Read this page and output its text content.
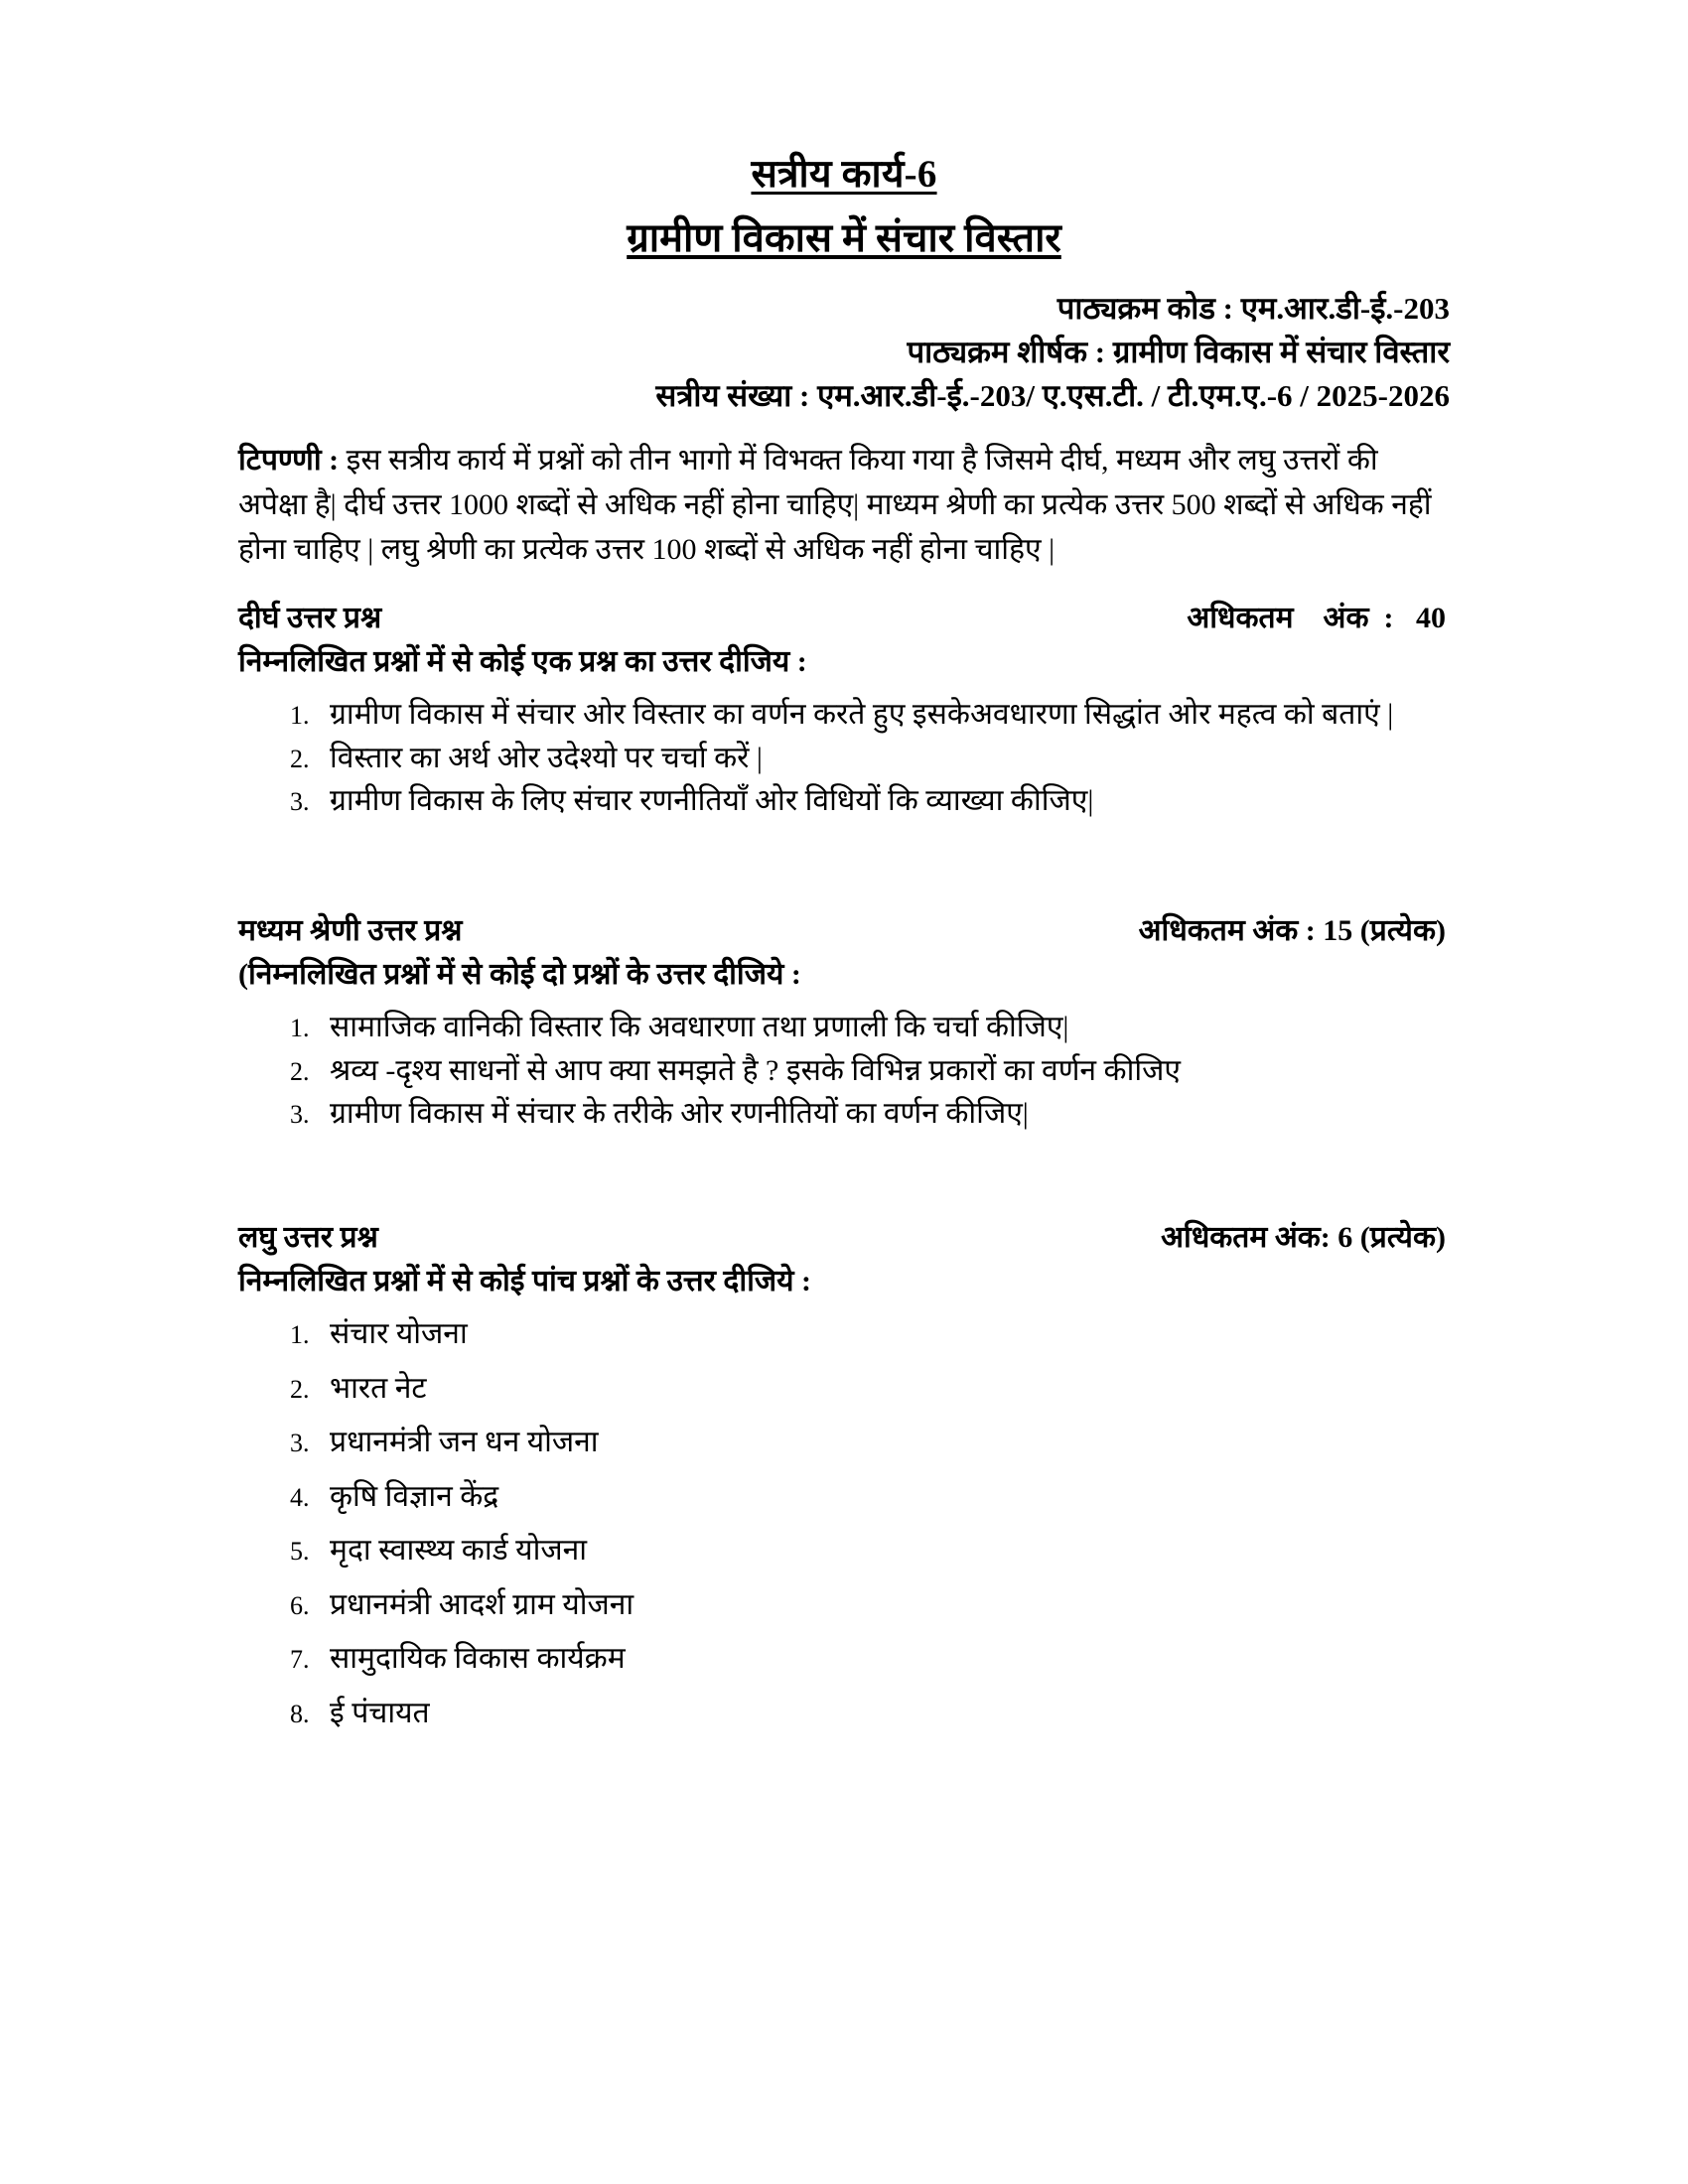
सत्रीय कार्य-6
ग्रामीण विकास में संचार विस्तार
पाठ्यक्रम कोड : एम.आर.डी-ई.-203
पाठ्यक्रम शीर्षक : ग्रामीण विकास में संचार विस्तार
सत्रीय संख्या : एम.आर.डी-ई.-203/ ए.एस.टी. / टी.एम.ए.-6 / 2025-2026
टिपण्णी : इस सत्रीय कार्य में प्रश्नों को तीन भागो में विभक्त किया गया है जिसमे दीर्घ, मध्यम और लघु उत्तरों की अपेक्षा है| दीर्घ उत्तर 1000 शब्दों से अधिक नहीं होना चाहिए| माध्यम श्रेणी का प्रत्येक उत्तर 500 शब्दों से अधिक नहीं होना चाहिए | लघु श्रेणी का प्रत्येक उत्तर 100 शब्दों से अधिक नहीं होना चाहिए |
दीर्घ उत्तर प्रश्न	अधिकतम    अंक  :   40
निम्नलिखित प्रश्नों में से कोई एक प्रश्न का उत्तर दीजिय :
1. ग्रामीण विकास में संचार ओर विस्तार का वर्णन करते हुए इसकेअवधारणा सिद्धांत ओर महत्व को बताएं |
2. विस्तार का अर्थ ओर उदेश्यो पर चर्चा करें |
3. ग्रामीण विकास के लिए संचार रणनीतियाँ ओर विधियों कि व्याख्या कीजिए|
मध्यम श्रेणी उत्तर प्रश्न	अधिकतम अंक : 15 (प्रत्येक)
(निम्नलिखित प्रश्नों में से कोई दो प्रश्नों के उत्तर दीजिये :
1. सामाजिक वानिकी विस्तार कि अवधारणा तथा प्रणाली कि चर्चा कीजिए|
2. श्रव्य -दृश्य साधनों से आप क्या समझते है ? इसके विभिन्न प्रकारों का वर्णन कीजिए
3. ग्रामीण विकास में संचार के तरीके ओर रणनीतियों का वर्णन कीजिए|
लघु उत्तर प्रश्न	अधिकतम अंक: 6 (प्रत्येक)
निम्नलिखित प्रश्नों में से कोई पांच प्रश्नों के उत्तर दीजिये :
1. संचार योजना
2. भारत नेट
3. प्रधानमंत्री जन धन योजना
4. कृषि विज्ञान केंद्र
5. मृदा स्वास्थ्य कार्ड योजना
6. प्रधानमंत्री आदर्श ग्राम योजना
7. सामुदायिक विकास कार्यक्रम
8. ई पंचायत
